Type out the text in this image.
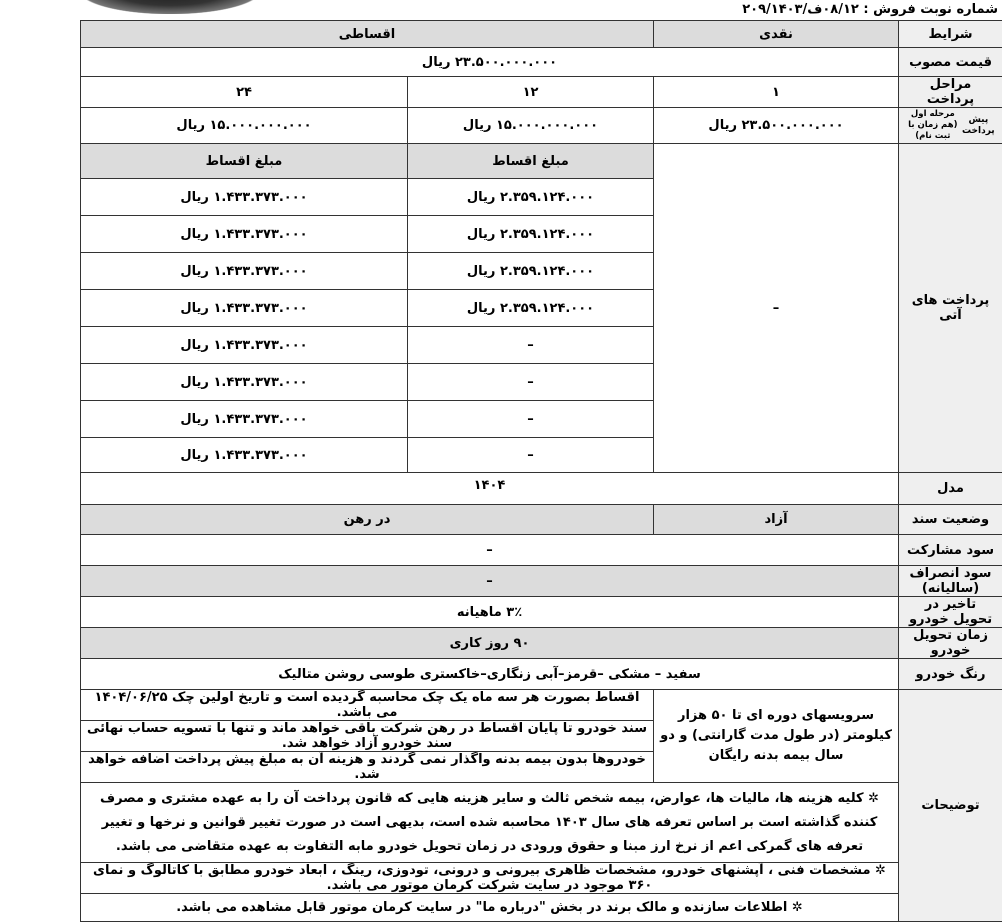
شماره نوبت فروش : ۰۸/۱۲ف/۲۰۹/۱۴۰۳
شرایط	نقدی	اقساطی	
قیمت مصوب	۲۳.۵۰۰.۰۰۰.۰۰۰ ریال		
مراحل پرداخت	۱	۱۲	۲۴

پیش پرداخت
مرحله اول
(هم زمان با ثبت نام)	۲۳.۵۰۰.۰۰۰.۰۰۰ ریال	۱۵.۰۰۰.۰۰۰.۰۰۰ ریال	۱۵.۰۰۰.۰۰۰.۰۰۰ ریال
پرداخت های آتی	–	مبلغ اقساط	مبلغ اقساط
		۲.۳۵۹.۱۲۴.۰۰۰ ریال	۱.۴۳۳.۳۷۳.۰۰۰ ریال
		۲.۳۵۹.۱۲۴.۰۰۰ ریال	۱.۴۳۳.۳۷۳.۰۰۰ ریال
		۲.۳۵۹.۱۲۴.۰۰۰ ریال	۱.۴۳۳.۳۷۳.۰۰۰ ریال
		۲.۳۵۹.۱۲۴.۰۰۰ ریال	۱.۴۳۳.۳۷۳.۰۰۰ ریال
		–	۱.۴۳۳.۳۷۳.۰۰۰ ریال
		–	۱.۴۳۳.۳۷۳.۰۰۰ ریال
		–	۱.۴۳۳.۳۷۳.۰۰۰ ریال
		–	۱.۴۳۳.۳۷۳.۰۰۰ ریال
مدل	۱۴۰۴		
وضعیت سند	آزاد	در رهن	
سود مشارکت	–		
سود انصراف (سالیانه)	–		
تاخیر در تحویل خودرو	۳٪ ماهیانه		
زمان تحویل خودرو	۹۰ روز کاری		
رنگ خودرو	سفید – مشکی –قرمز–آبی زنگاری–خاکستری طوسی روشن متالیک		
توضیحات	سرویسهای دوره ای تا ۵۰ هزار کیلومتر (در طول مدت گارانتی) و دو سال بیمه بدنه رایگان	اقساط بصورت هر سه ماه یک چک محاسبه گردیده است و تاریخ اولین چک ۱۴۰۴/۰۶/۲۵ می باشد.	
		سند خودرو تا پایان اقساط در رهن شرکت باقی خواهد ماند و تنها با تسویه حساب نهائی سند خودرو آزاد خواهد شد.	
		خودروها بدون بیمه بدنه واگذار نمی گردند و هزینه آن به مبلغ پیش پرداخت اضافه خواهد شد.	
	✲ کلیه هزینه ها، مالیات ها، عوارض، بیمه شخص ثالث و سایر هزینه هایی که قانون پرداخت آن را به عهده مشتری و مصرف کننده گذاشته است بر اساس تعرفه های سال ۱۴۰۳ محاسبه شده است، بدیهی است در صورت تغییر قوانین و نرخها و تغییر تعرفه های گمرکی اعم از نرخ ارز مبنا و حقوق ورودی در زمان تحویل خودرو مابه التفاوت به عهده متقاضی می باشد.		
	✲ مشخصات فنی ، آپشنهای خودرو، مشخصات ظاهری بیرونی و درونی، تودوزی، رینگ ، ابعاد خودرو مطابق با کاتالوگ و نمای ۳۶۰ موجود در سایت شرکت کرمان موتور می باشد.		
	✲ اطلاعات سازنده و مالک برند در بخش "درباره ما" در سایت کرمان موتور قابل مشاهده می باشد.		
